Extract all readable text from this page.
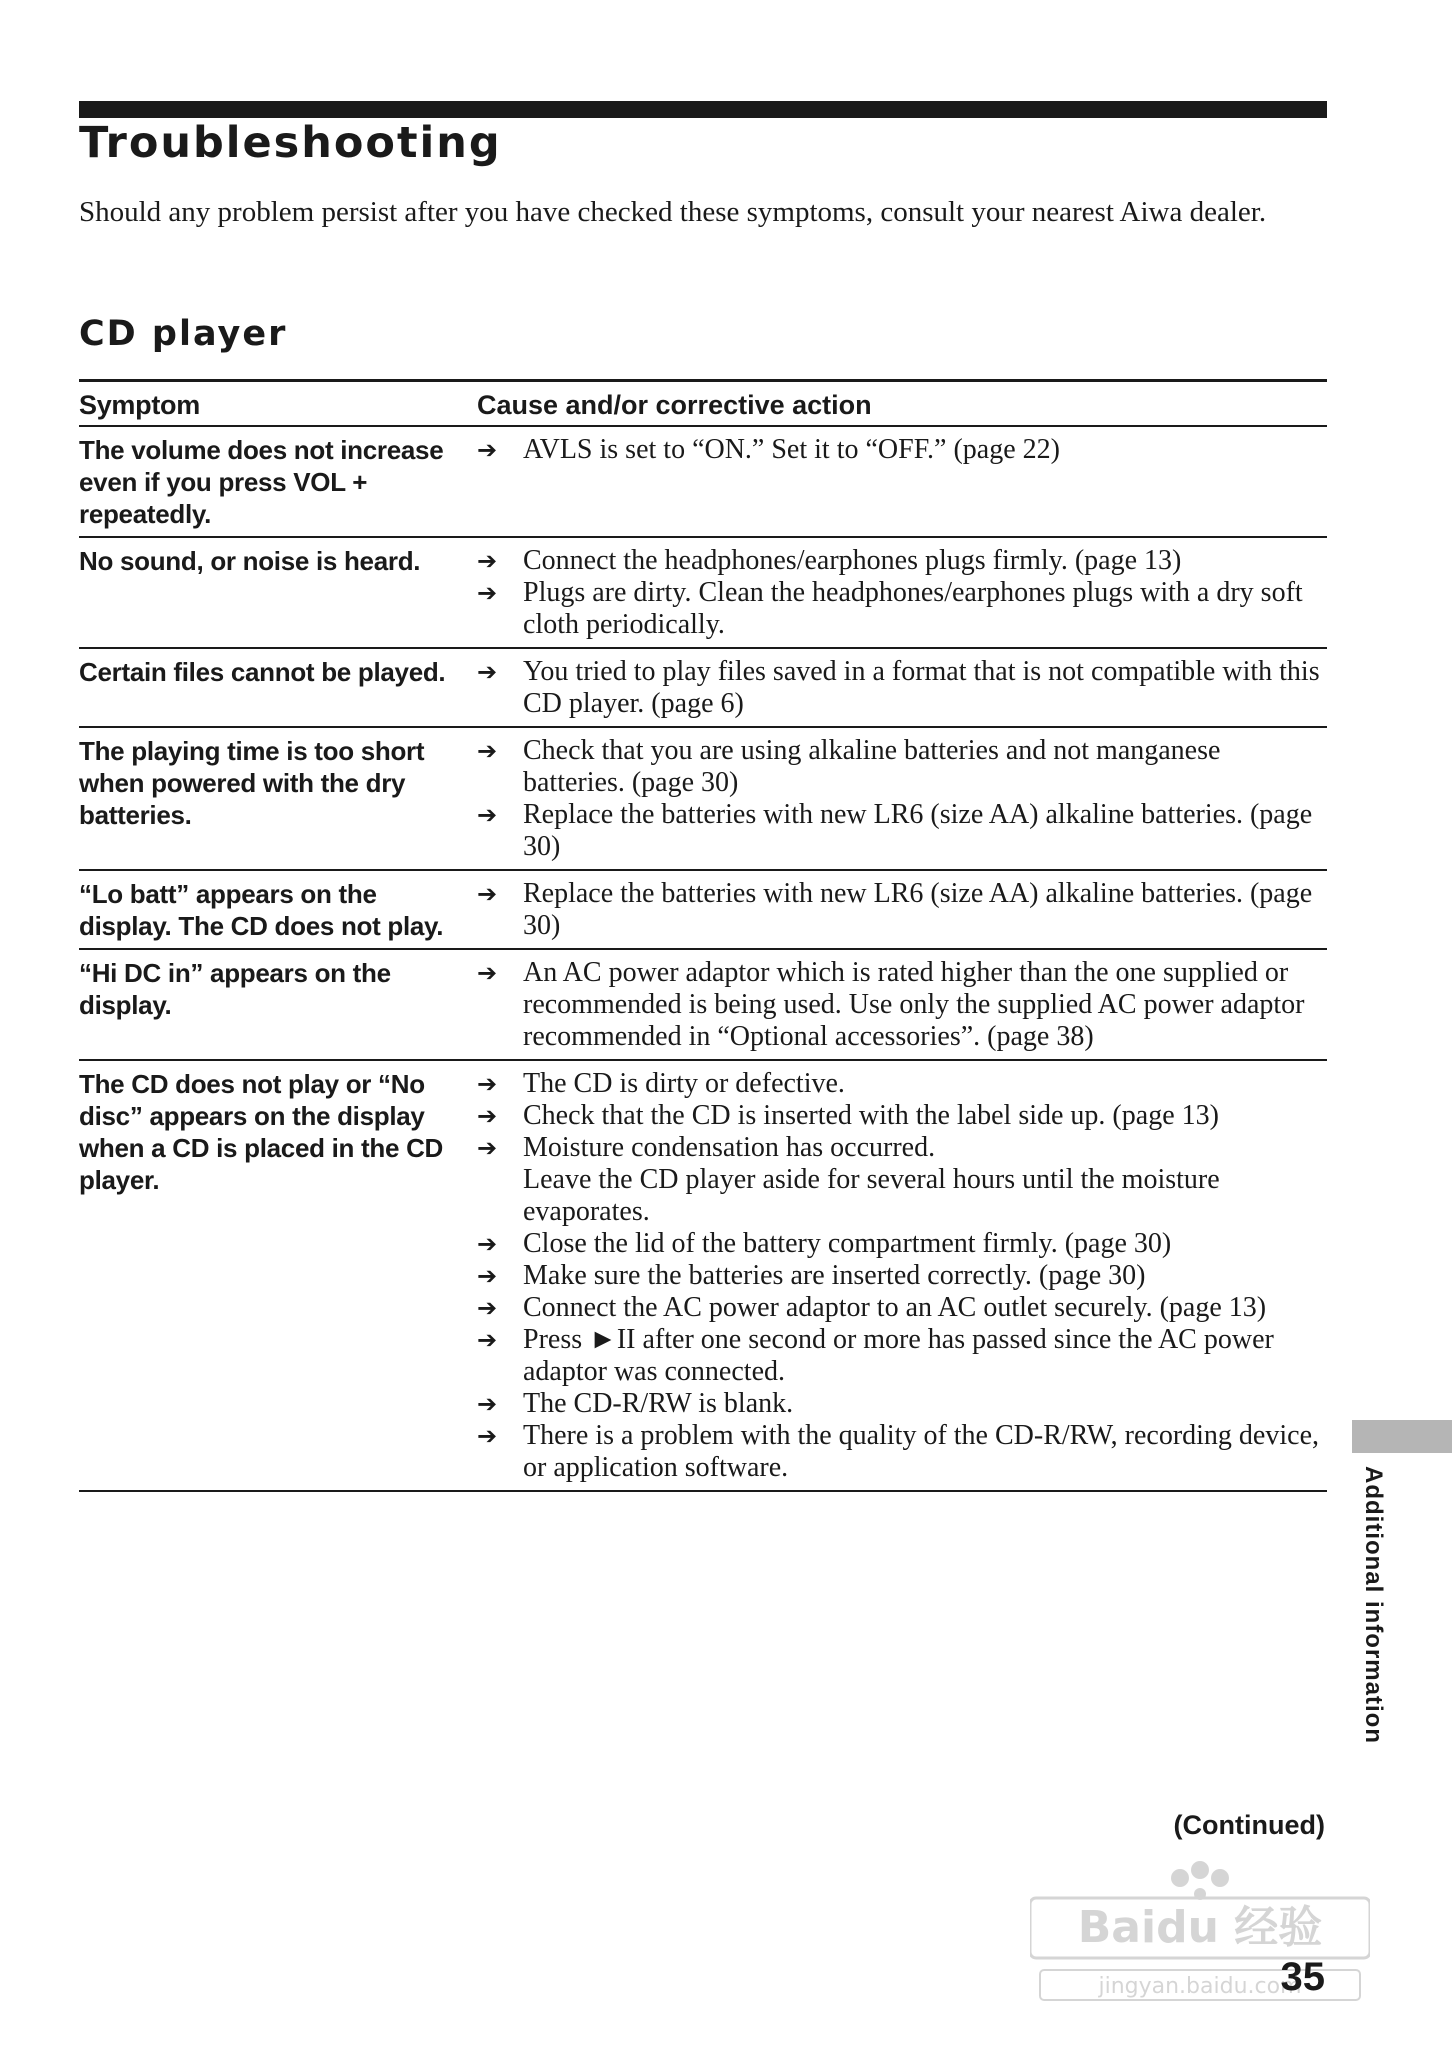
Troubleshooting

Should any problem persist after you have checked these symptoms, consult your nearest Aiwa dealer.

CD player
Symptom	Cause and/or corrective action
The volume does not increase even if you press VOL + repeatedly.
➔ AVLS is set to “ON.” Set it to “OFF.” (page 22)
No sound, or noise is heard.	➔ Connect the headphones/earphones plugs firmly. (page 13)
➔ Plugs are dirty. Clean the headphones/earphones plugs with a dry soft cloth periodically.
Certain files cannot be played.	➔ You tried to play files saved in a format that is not compatible with this CD player. (page 6)
The playing time is too short when powered with the dry batteries.
➔ Check that you are using alkaline batteries and not manganese batteries. (page 30)
➔ Replace the batteries with new LR6 (size AA) alkaline batteries. (page 30)
“Lo batt” appears on the display. The CD does not play.
➔ Replace the batteries with new LR6 (size AA) alkaline batteries. (page 30)
“Hi DC in” appears on the display.
➔ An AC power adaptor which is rated higher than the one supplied or recommended is being used. Use only the supplied AC power adaptor recommended in “Optional accessories”. (page 38)
The CD does not play or “No disc” appears on the display when a CD is placed in the CD player.
➔ The CD is dirty or defective.
➔ Check that the CD is inserted with the label side up. (page 13)
➔ Moisture condensation has occurred.
Leave the CD player aside for several hours until the moisture evaporates.
➔ Close the lid of the battery compartment firmly. (page 30)
➔ Make sure the batteries are inserted correctly. (page 30)
➔ Connect the AC power adaptor to an AC outlet securely. (page 13)
➔ Press ►II after one second or more has passed since the AC power adaptor was connected.
➔ The CD-R/RW is blank.
➔ There is a problem with the quality of the CD-R/RW, recording device, or application software.	Additional information
(Continued)
Baidu 经验
jingyan.baidu.com
35
